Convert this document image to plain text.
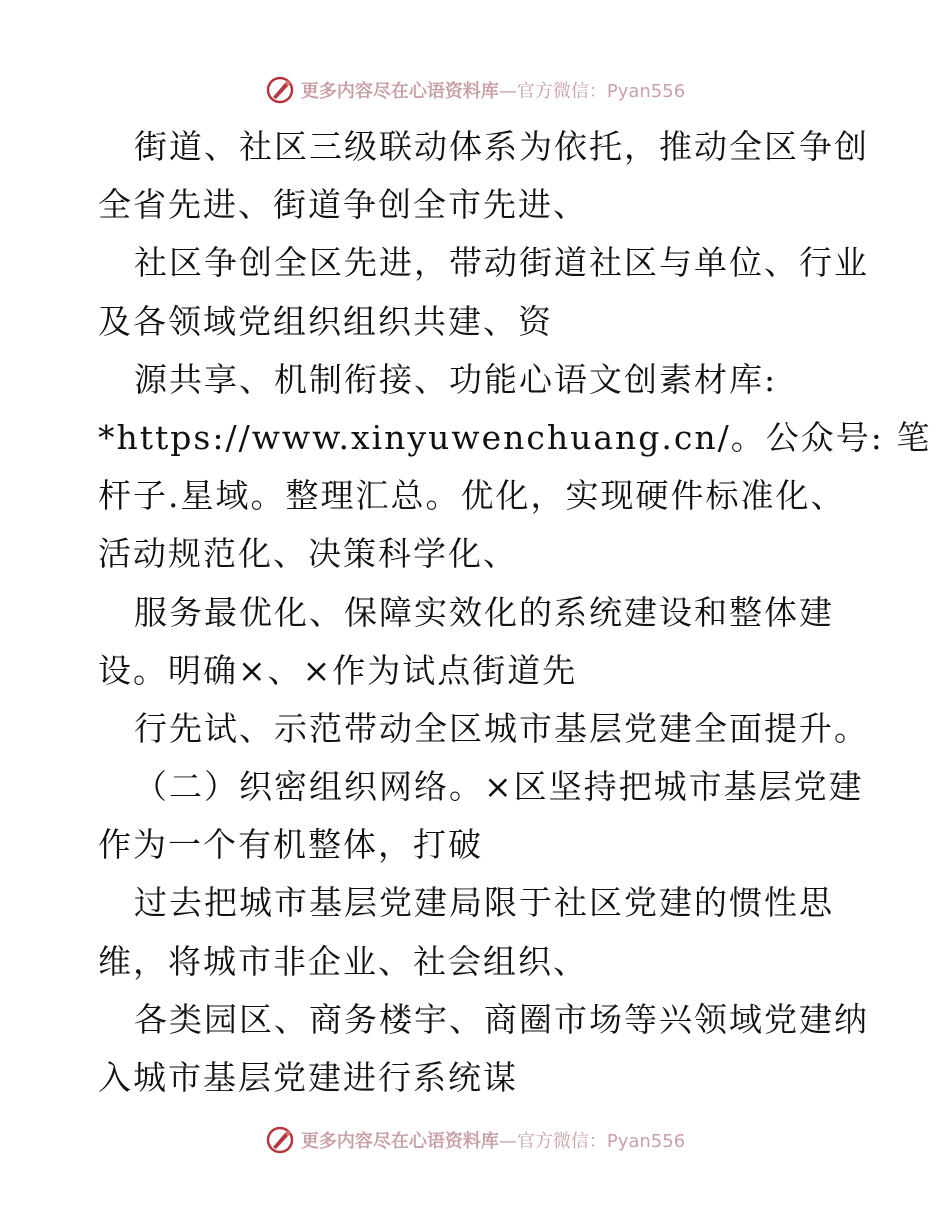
更多内容尽在心语资料库—官方微信：Pyan556
街道、社区三级联动体系为依托，推动全区争创
全省先进、街道争创全市先进、
社区争创全区先进，带动街道社区与单位、行业
及各领域党组织组织共建、资
源共享、机制衔接、功能心语文创素材库:
*https://www.xinyuwenchuang.cn/。公众号: 笔
杆子.星域。整理汇总。优化，实现硬件标准化、
活动规范化、决策科学化、
服务最优化、保障实效化的系统建设和整体建
设。明确×、×作为试点街道先
行先试、示范带动全区城市基层党建全面提升。
（二）织密组织网络。×区坚持把城市基层党建
作为一个有机整体，打破
过去把城市基层党建局限于社区党建的惯性思
维，将城市非企业、社会组织、
各类园区、商务楼宇、商圈市场等兴领域党建纳
入城市基层党建进行系统谋
更多内容尽在心语资料库—官方微信：Pyan556
